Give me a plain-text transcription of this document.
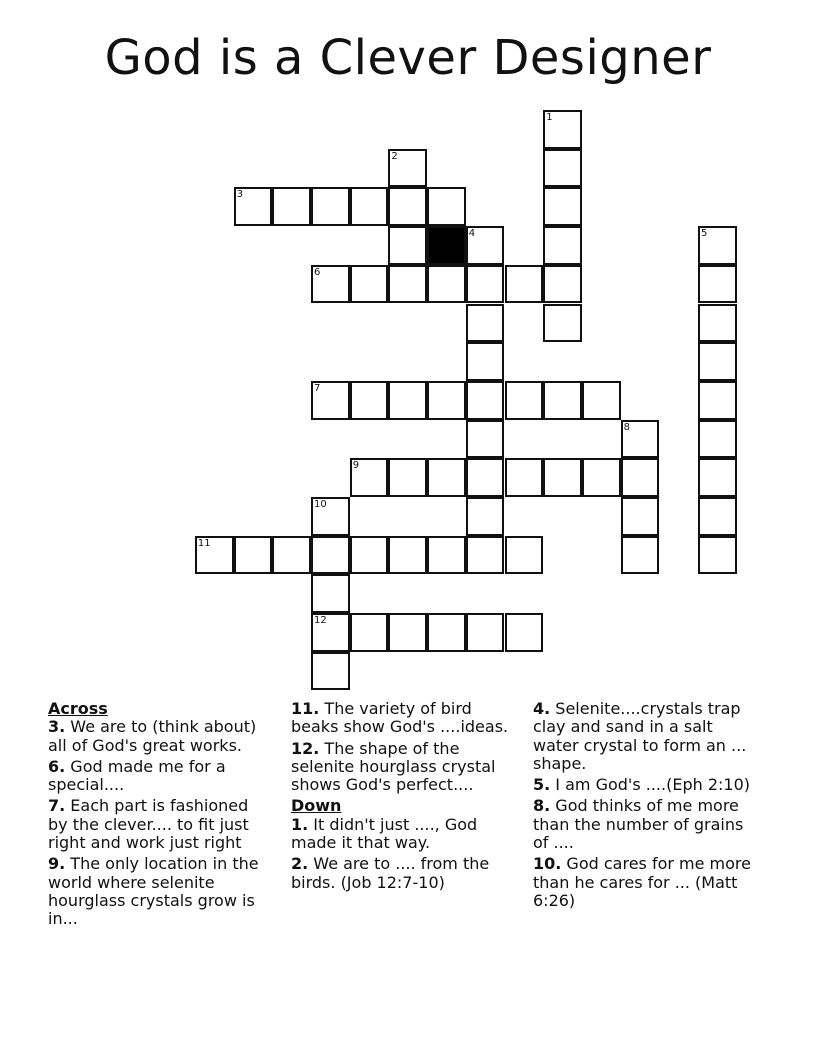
God is a Clever Designer
1
2
3
4	5
6
7
8
9
10
11
12
Across
3. We are to (think about) all of God's great works.
6. God made me for a special....
7. Each part is fashioned by the clever.... to fit just right and work just right
9. The only location in the world where selenite hourglass crystals grow is in...
11. The variety of bird beaks show God's ....ideas.
12. The shape of the selenite hourglass crystal shows God's perfect....
Down
1. It didn't just ...., God made it that way.
2. We are to .... from the birds. (Job 12:7-10)
4. Selenite....crystals trap clay and sand in a salt water crystal to form an ... shape.
5. I am God's ....(Eph 2:10)
8. God thinks of me more than the number of grains of ....
10. God cares for me more than he cares for ... (Matt 6:26)
